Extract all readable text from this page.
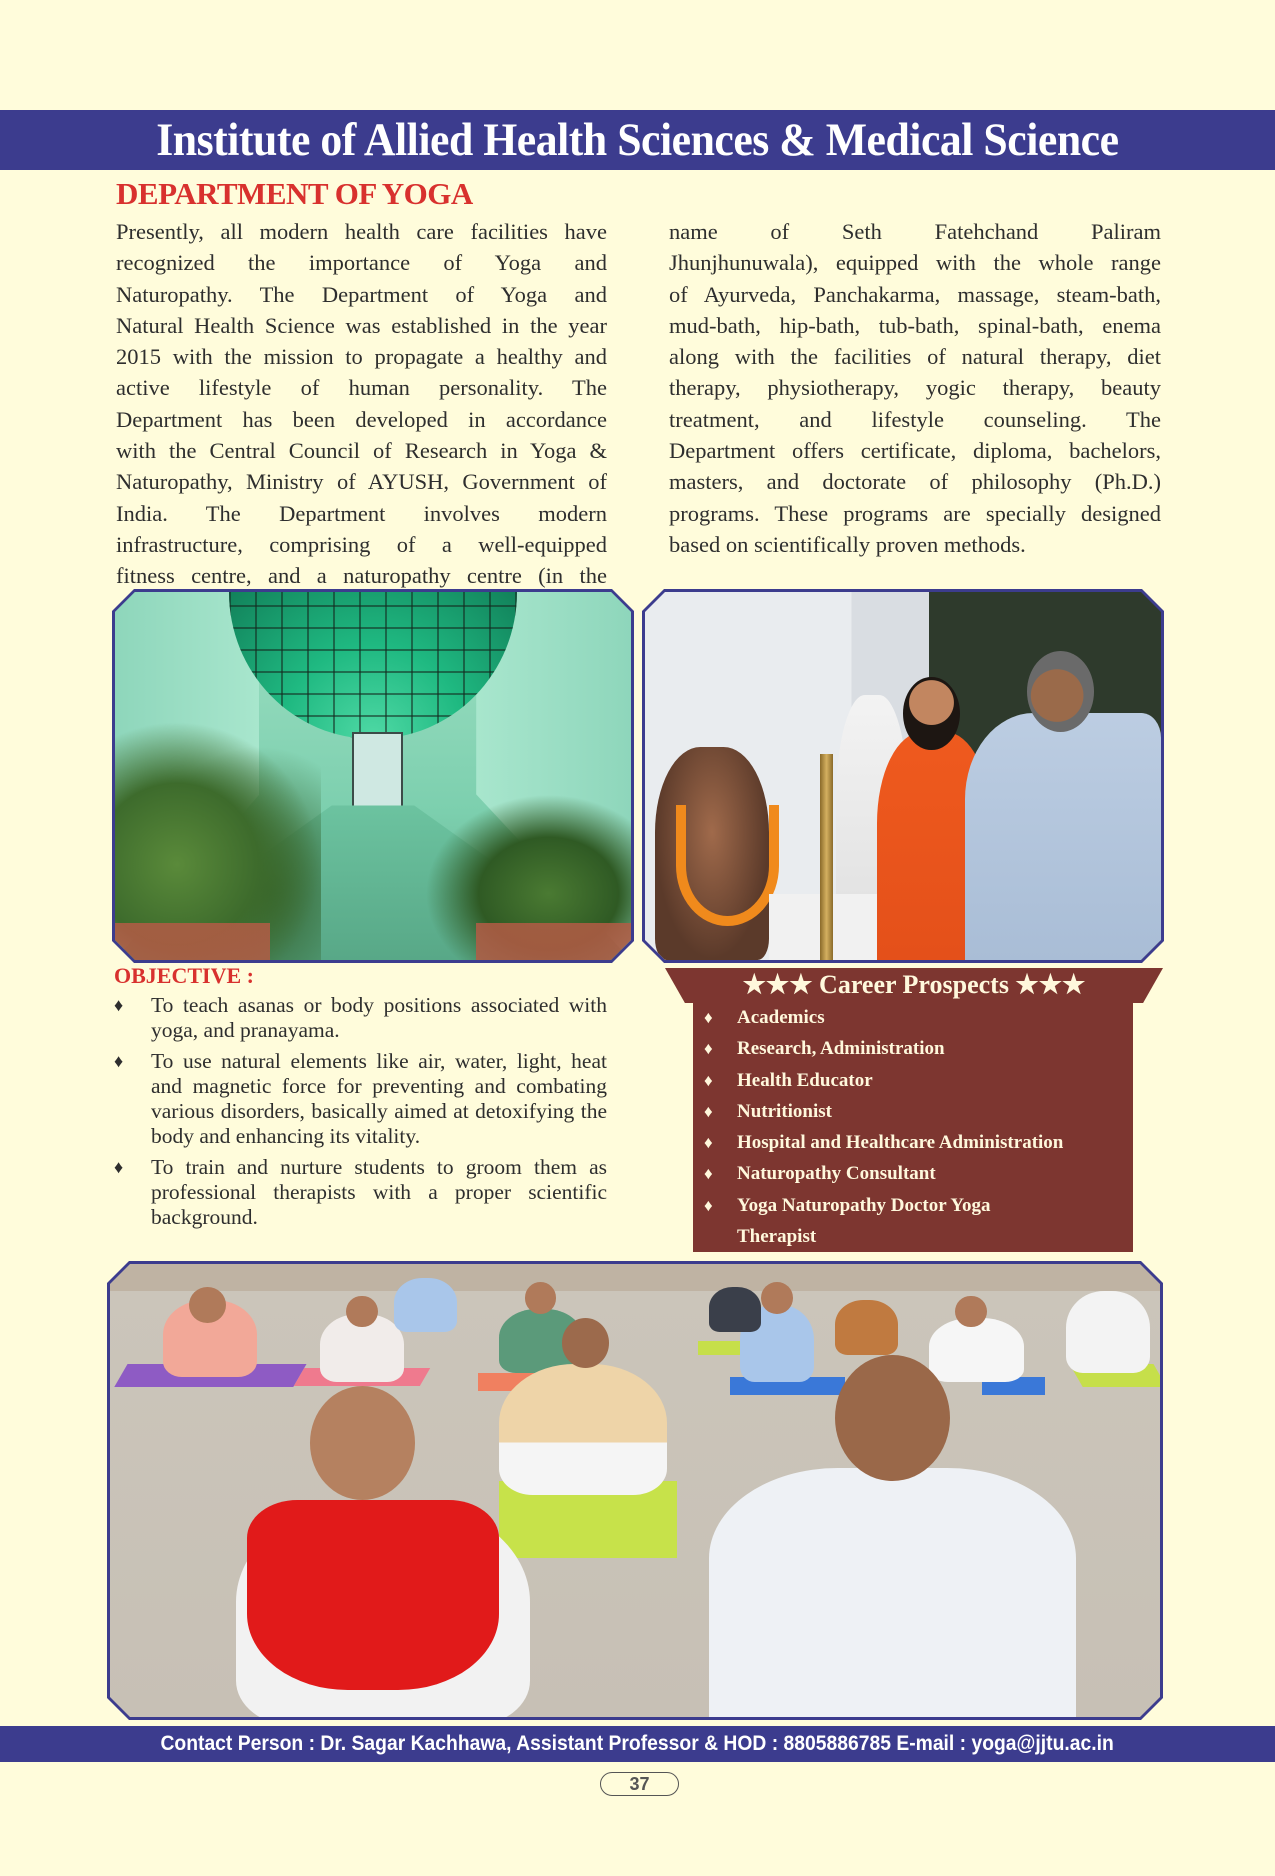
Institute of Allied Health Sciences & Medical Science
DEPARTMENT OF YOGA
Presently, all modern health care facilities have
recognized the importance of Yoga and
Naturopathy. The Department of Yoga and
Natural Health Science was established in the year
2015 with the mission to propagate a healthy and
active lifestyle of human personality. The
Department has been developed in accordance
with the Central Council of Research in Yoga &
Naturopathy, Ministry of AYUSH, Government of
India. The Department involves modern
infrastructure, comprising of a well-equipped
fitness centre, and a naturopathy centre (in the
name of Seth Fatehchand Paliram
Jhunjhunuwala), equipped with the whole range
of Ayurveda, Panchakarma, massage, steam-bath,
mud-bath, hip-bath, tub-bath, spinal-bath, enema
along with the facilities of natural therapy, diet
therapy, physiotherapy, yogic therapy, beauty
treatment, and lifestyle counseling. The
Department offers certificate, diploma, bachelors,
masters, and doctorate of philosophy (Ph.D.)
programs. These programs are specially designed
based on scientifically proven methods.
OBJECTIVE :
♦ To teach asanas or body positions associated with yoga, and pranayama.
♦ To use natural elements like air, water, light, heat and magnetic force for preventing and combating various disorders, basically aimed at detoxifying the body and enhancing its vitality.
♦ To train and nurture students to groom them as professional therapists with a proper scientific background.
★★★ Career Prospects ★★★
♦ Academics
♦ Research, Administration
♦ Health Educator
♦ Nutritionist
♦ Hospital and Healthcare Administration
♦ Naturopathy Consultant
♦ Yoga Naturopathy Doctor Yoga Therapist
Contact Person : Dr. Sagar Kachhawa, Assistant Professor & HOD : 8805886785 E-mail : yoga@jjtu.ac.in
37
